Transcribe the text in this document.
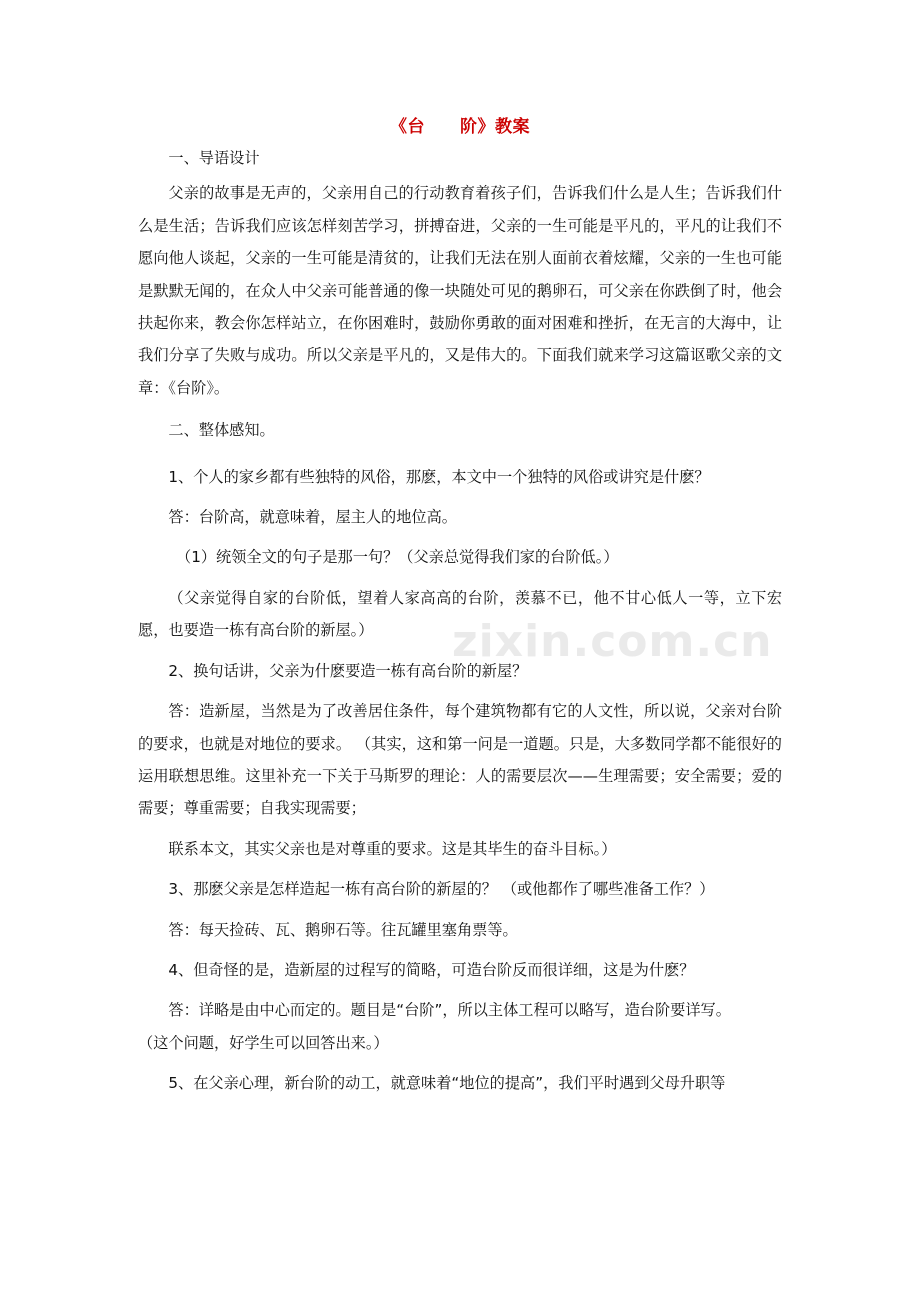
《台　　阶》教案

一、导语设计

父亲的故事是无声的，父亲用自己的行动教育着孩子们，告诉我们什么是人生；告诉我们什么是生活；告诉我们应该怎样刻苦学习，拼搏奋进，父亲的一生可能是平凡的，平凡的让我们不愿向他人谈起，父亲的一生可能是清贫的，让我们无法在别人面前衣着炫耀，父亲的一生也可能是默默无闻的，在众人中父亲可能普通的像一块随处可见的鹅卵石，可父亲在你跌倒了时，他会扶起你来，教会你怎样站立，在你困难时，鼓励你勇敢的面对困难和挫折，在无言的大海中，让我们分享了失败与成功。所以父亲是平凡的，又是伟大的。下面我们就来学习这篇讴歌父亲的文章：《台阶》。

二、整体感知。

1、个人的家乡都有些独特的风俗，那麽，本文中一个独特的风俗或讲究是什麽？

答：台阶高，就意味着，屋主人的地位高。

（1）统领全文的句子是那一句？（父亲总觉得我们家的台阶低。）

（父亲觉得自家的台阶低，望着人家高高的台阶，羡慕不已，他不甘心低人一等，立下宏愿，也要造一栋有高台阶的新屋。）

2、换句话讲，父亲为什麽要造一栋有高台阶的新屋？

答：造新屋，当然是为了改善居住条件，每个建筑物都有它的人文性，所以说，父亲对台阶的要求，也就是对地位的要求。 （其实，这和第一问是一道题。只是，大多数同学都不能很好的运用联想思维。这里补充一下关于马斯罗的理论：人的需要层次——生理需要；安全需要；爱的需要；尊重需要；自我实现需要；

联系本文，其实父亲也是对尊重的要求。这是其毕生的奋斗目标。）

3、那麽父亲是怎样造起一栋有高台阶的新屋的？ （或他都作了哪些准备工作？）

答：每天捡砖、瓦、鹅卵石等。往瓦罐里塞角票等。

4、但奇怪的是，造新屋的过程写的简略，可造台阶反而很详细，这是为什麽？

答：详略是由中心而定的。题目是“台阶”，所以主体工程可以略写，造台阶要详写。

（这个问题，好学生可以回答出来。）

5、在父亲心理，新台阶的动工，就意味着“地位的提高”，我们平时遇到父母升职等

zixin.com.cn
